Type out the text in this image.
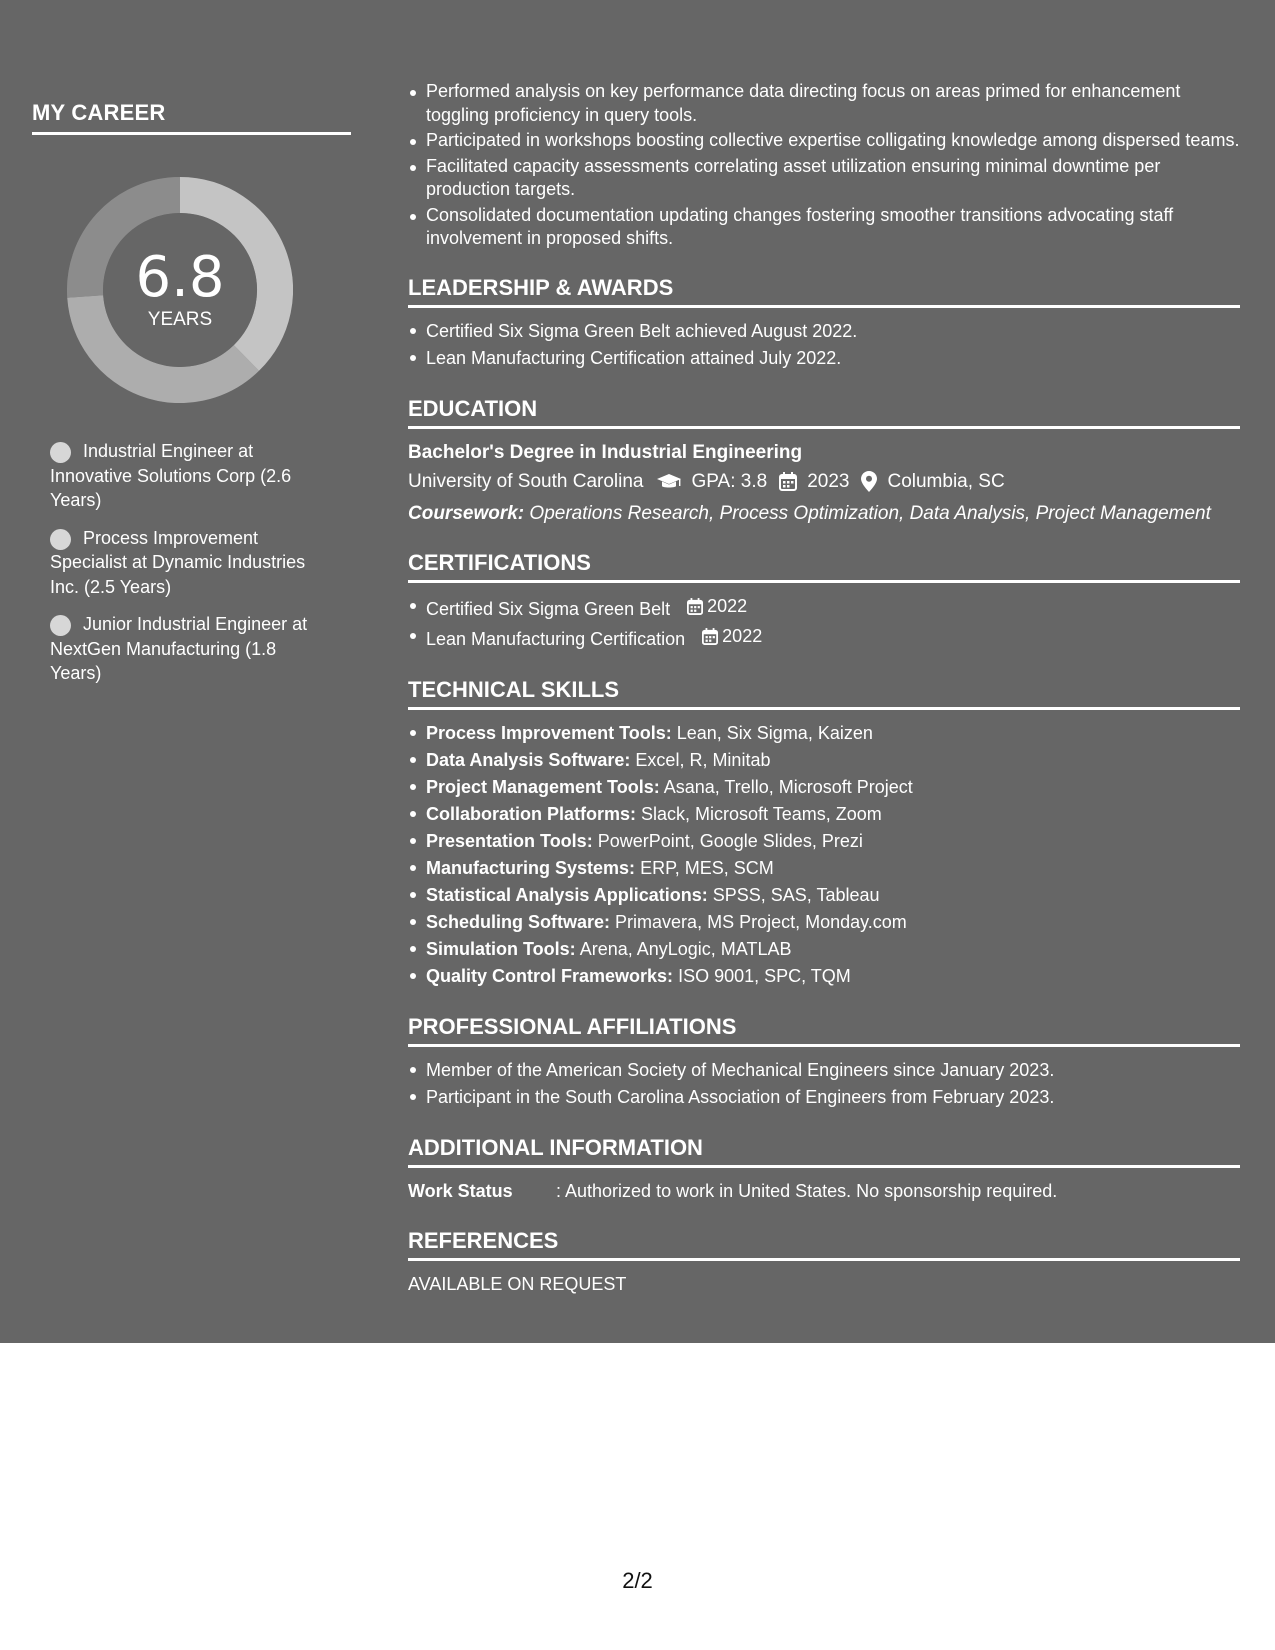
MY CAREER
6.8
YEARS
Industrial Engineer at Innovative Solutions Corp (2.6 Years)
Process Improvement Specialist at Dynamic Industries Inc. (2.5 Years)
Junior Industrial Engineer at NextGen Manufacturing (1.8 Years)
Performed analysis on key performance data directing focus on areas primed for enhancement toggling proficiency in query tools.
Participated in workshops boosting collective expertise colligating knowledge among dispersed teams.
Facilitated capacity assessments correlating asset utilization ensuring minimal downtime per production targets.
Consolidated documentation updating changes fostering smoother transitions advocating staff involvement in proposed shifts.
LEADERSHIP & AWARDS
Certified Six Sigma Green Belt achieved August 2022.
Lean Manufacturing Certification attained July 2022.
EDUCATION
Bachelor's Degree in Industrial Engineering
University of South Carolina	GPA: 3.8 2023 Columbia, SC
Coursework: Operations Research, Process Optimization, Data Analysis, Project Management
CERTIFICATIONS
Certified Six Sigma Green Belt 2022
Lean Manufacturing Certification 2022
TECHNICAL SKILLS
Process Improvement Tools: Lean, Six Sigma, Kaizen
Data Analysis Software: Excel, R, Minitab
Project Management Tools: Asana, Trello, Microsoft Project
Collaboration Platforms: Slack, Microsoft Teams, Zoom
Presentation Tools: PowerPoint, Google Slides, Prezi
Manufacturing Systems: ERP, MES, SCM
Statistical Analysis Applications: SPSS, SAS, Tableau
Scheduling Software: Primavera, MS Project, Monday.com
Simulation Tools: Arena, AnyLogic, MATLAB
Quality Control Frameworks: ISO 9001, SPC, TQM
PROFESSIONAL AFFILIATIONS
Member of the American Society of Mechanical Engineers since January 2023.
Participant in the South Carolina Association of Engineers from February 2023.
ADDITIONAL INFORMATION
Work Status	: Authorized to work in United States. No sponsorship required.
REFERENCES
AVAILABLE ON REQUEST
2/2
